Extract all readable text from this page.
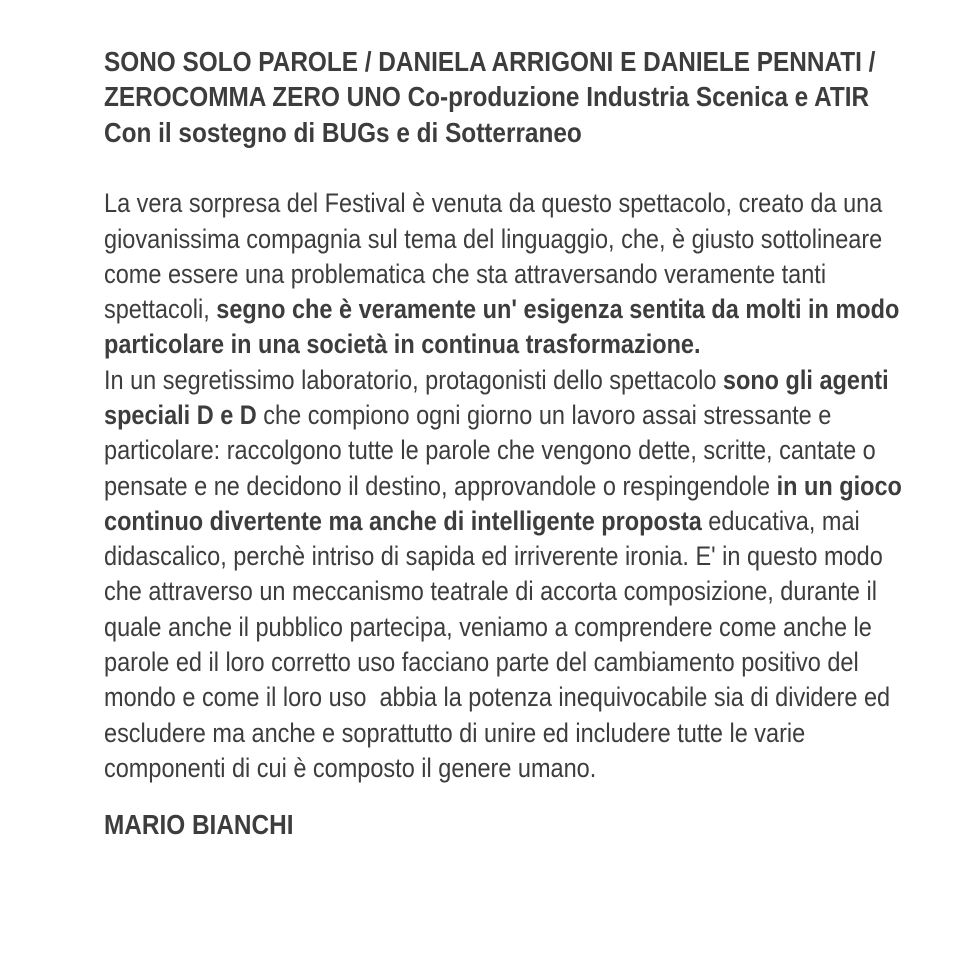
SONO SOLO PAROLE / DANIELA ARRIGONI E DANIELE PENNATI /
ZEROCOMMA ZERO UNO Co-produzione Industria Scenica e ATIR
Con il sostegno di BUGs e di Sotterraneo

La vera sorpresa del Festival è venuta da questo spettacolo, creato da una giovanissima compagnia sul tema del linguaggio, che, è giusto sottolineare come essere una problematica che sta attraversando veramente tanti spettacoli, segno che è veramente un' esigenza sentita da molti in modo particolare in una società in continua trasformazione.

In un segretissimo laboratorio, protagonisti dello spettacolo sono gli agenti speciali D e D che compiono ogni giorno un lavoro assai stressante e particolare: raccolgono tutte le parole che vengono dette, scritte, cantate o pensate e ne decidono il destino, approvandole o respingendole in un gioco continuo divertente ma anche di intelligente proposta educativa, mai  didascalico, perchè intriso di sapida ed irriverente ironia. E' in questo modo che attraverso un meccanismo teatrale di accorta composizione, durante il quale anche il pubblico partecipa, veniamo a comprendere come anche le parole ed il loro corretto uso facciano parte del cambiamento positivo del mondo e come il loro uso  abbia la potenza inequivocabile sia di dividere ed escludere ma anche e soprattutto di unire ed includere tutte le varie componenti di cui è composto il genere umano.

MARIO BIANCHI
